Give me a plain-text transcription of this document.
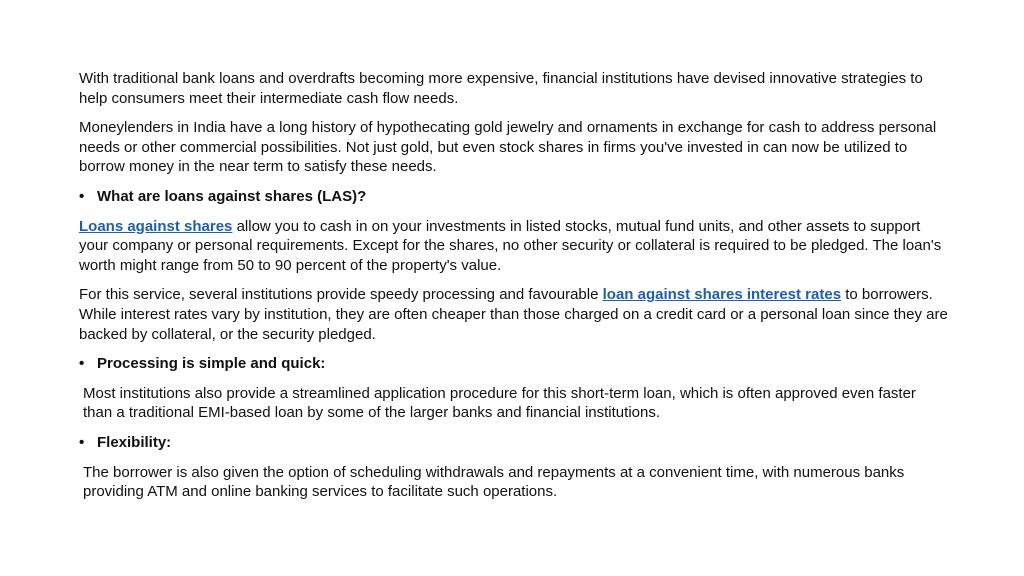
With traditional bank loans and overdrafts becoming more expensive, financial institutions have devised innovative strategies to help consumers meet their intermediate cash flow needs.

Moneylenders in India have a long history of hypothecating gold jewelry and ornaments in exchange for cash to address personal needs or other commercial possibilities. Not just gold, but even stock shares in firms you've invested in can now be utilized to borrow money in the near term to satisfy these needs.

• What are loans against shares (LAS)?

Loans against shares allow you to cash in on your investments in listed stocks, mutual fund units, and other assets to support your company or personal requirements. Except for the shares, no other security or collateral is required to be pledged. The loan's worth might range from 50 to 90 percent of the property's value.

For this service, several institutions provide speedy processing and favourable loan against shares interest rates to borrowers. While interest rates vary by institution, they are often cheaper than those charged on a credit card or a personal loan since they are backed by collateral, or the security pledged.

• Processing is simple and quick:

Most institutions also provide a streamlined application procedure for this short-term loan, which is often approved even faster than a traditional EMI-based loan by some of the larger banks and financial institutions.

• Flexibility:

The borrower is also given the option of scheduling withdrawals and repayments at a convenient time, with numerous banks providing ATM and online banking services to facilitate such operations.
